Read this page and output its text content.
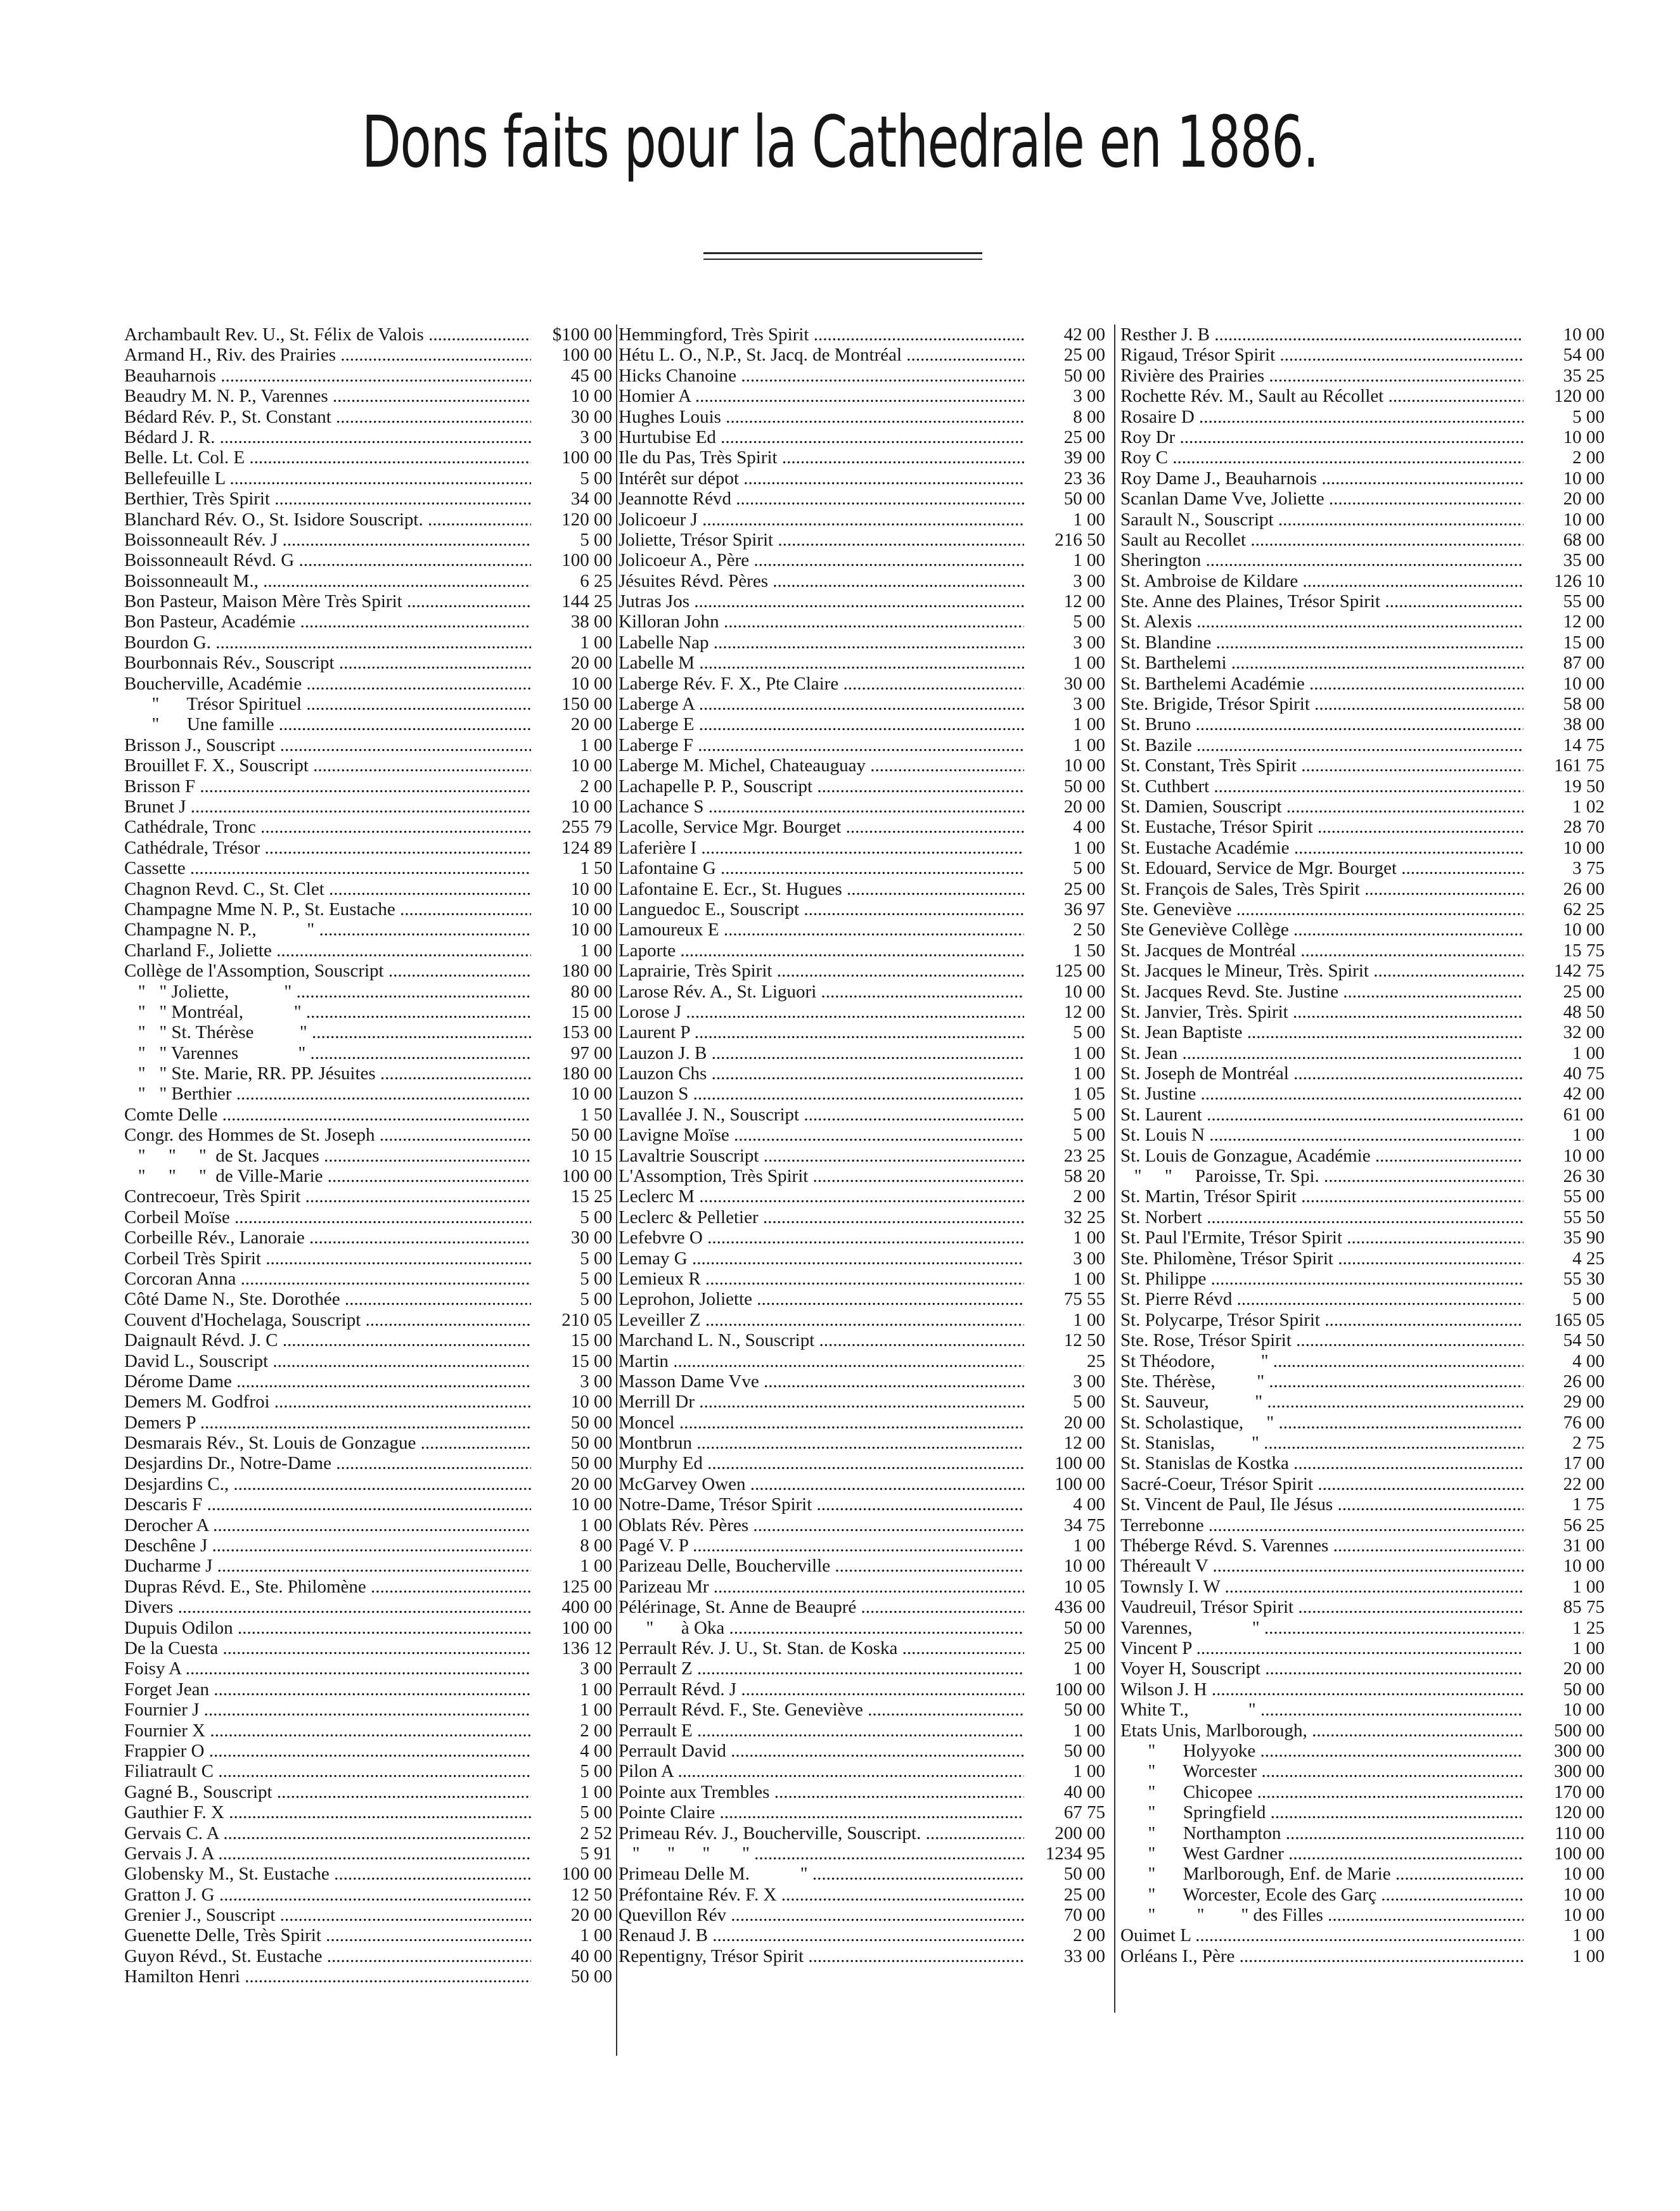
Dons faits pour la Cathedrale en 1886.
Archambault Rev. U., St. Félix de Valois .....	$100 00
Armand H., Riv. des Prairies .....	100 00
Beauharnois .....	45 00
Beaudry M. N. P., Varennes .....	10 00
Bédard Rév. P., St. Constant .....	30 00
Bédard J. R. .....	3 00
Belle. Lt. Col. E .....	100 00
Bellefeuille L .....	5 00
Berthier, Très Spirit .....	34 00
Blanchard Rév. O., St. Isidore Souscript. .....	120 00
Boissonneault Rév. J .....	5 00
Boissonneault Révd. G .....	100 00
Boissonneault M., .....	6 25
Bon Pasteur, Maison Mère Très Spirit .....	144 25
Bon Pasteur, Académie .....	38 00
Bourdon G. .....	1 00
Bourbonnais Rév., Souscript .....	20 00
Boucherville, Académie .....	10 00
"      Trésor Spirituel .....	150 00
"      Une famille .....	20 00
Brisson J., Souscript .....	1 00
Brouillet F. X., Souscript .....	10 00
Brisson F .....	2 00
Brunet J .....	10 00
Cathédrale, Tronc .....	255 79
Cathédrale, Trésor .....	124 89
Cassette .....	1 50
Chagnon Revd. C., St. Clet .....	10 00
Champagne Mme N. P., St. Eustache .....	10 00
Champagne N. P.,           " .....	10 00
Charland F., Joliette .....	1 00
Collège de l'Assomption, Souscript .....	180 00
"   " Joliette,            " .....	80 00
"   " Montréal,           " .....	15 00
"   " St. Thérèse          " .....	153 00
"   " Varennes             " .....	97 00
"   " Ste. Marie, RR. PP. Jésuites .....	180 00
"   " Berthier .....	10 00
Comte Delle .....	1 50
Congr. des Hommes de St. Joseph .....	50 00
"     "     "  de St. Jacques .....	10 15
"     "     "  de Ville-Marie .....	100 00
Contrecoeur, Très Spirit .....	15 25
Corbeil Moïse .....	5 00
Corbeille Rév., Lanoraie .....	30 00
Corbeil Très Spirit .....	5 00
Corcoran Anna .....	5 00
Côté Dame N., Ste. Dorothée .....	5 00
Couvent d'Hochelaga, Souscript .....	210 05
Daignault Révd. J. C .....	15 00
David L., Souscript .....	15 00
Dérome Dame .....	3 00
Demers M. Godfroi .....	10 00
Demers P .....	50 00
Desmarais Rév., St. Louis de Gonzague .....	50 00
Desjardins Dr., Notre-Dame .....	50 00
Desjardins C., .....	20 00
Descaris F .....	10 00
Derocher A .....	1 00
Deschêne J .....	8 00
Ducharme J .....	1 00
Dupras Révd. E., Ste. Philomène .....	125 00
Divers .....	400 00
Dupuis Odilon .....	100 00
De la Cuesta .....	136 12
Foisy A .....	3 00
Forget Jean .....	1 00
Fournier J .....	1 00
Fournier X .....	2 00
Frappier O .....	4 00
Filiatrault C .....	5 00
Gagné B., Souscript .....	1 00
Gauthier F. X .....	5 00
Gervais C. A .....	2 52
Gervais J. A .....	5 91
Globensky M., St. Eustache .....	100 00
Gratton J. G .....	12 50
Grenier J., Souscript .....	20 00
Guenette Delle, Très Spirit .....	1 00
Guyon Révd., St. Eustache .....	40 00
Hamilton Henri .....	50 00
Hemmingford, Très Spirit .....	42 00
Hétu L. O., N.P., St. Jacq. de Montréal .....	25 00
Hicks Chanoine .....	50 00
Homier A .....	3 00
Hughes Louis .....	8 00
Hurtubise Ed .....	25 00
Ile du Pas, Très Spirit .....	39 00
Intérêt sur dépot .....	23 36
Jeannotte Révd .....	50 00
Jolicoeur J .....	1 00
Joliette, Trésor Spirit .....	216 50
Jolicoeur A., Père .....	1 00
Jésuites Révd. Pères .....	3 00
Jutras Jos .....	12 00
Killoran John .....	5 00
Labelle Nap .....	3 00
Labelle M .....	1 00
Laberge Rév. F. X., Pte Claire .....	30 00
Laberge A .....	3 00
Laberge E .....	1 00
Laberge F .....	1 00
Laberge M. Michel, Chateauguay .....	10 00
Lachapelle P. P., Souscript .....	50 00
Lachance S .....	20 00
Lacolle, Service Mgr. Bourget .....	4 00
Laferière I .....	1 00
Lafontaine G .....	5 00
Lafontaine E. Ecr., St. Hugues .....	25 00
Languedoc E., Souscript .....	36 97
Lamoureux E .....	2 50
Laporte .....	1 50
Laprairie, Très Spirit .....	125 00
Larose Rév. A., St. Liguori .....	10 00
Lorose J .....	12 00
Laurent P .....	5 00
Lauzon J. B .....	1 00
Lauzon Chs .....	1 00
Lauzon S .....	1 05
Lavallée J. N., Souscript .....	5 00
Lavigne Moïse .....	5 00
Lavaltrie Souscript .....	23 25
L'Assomption, Très Spirit .....	58 20
Leclerc M .....	2 00
Leclerc & Pelletier .....	32 25
Lefebvre O .....	1 00
Lemay G .....	3 00
Lemieux R .....	1 00
Leprohon, Joliette .....	75 55
Leveiller Z .....	1 00
Marchand L. N., Souscript .....	12 50
Martin .....	25
Masson Dame Vve .....	3 00
Merrill Dr .....	5 00
Moncel .....	20 00
Montbrun .....	12 00
Murphy Ed .....	100 00
McGarvey Owen .....	100 00
Notre-Dame, Trésor Spirit .....	4 00
Oblats Rév. Pères .....	34 75
Pagé V. P .....	1 00
Parizeau Delle, Boucherville .....	10 00
Parizeau Mr .....	10 05
Pélérinage, St. Anne de Beaupré .....	436 00
"      à Oka .....	50 00
Perrault Rév. J. U., St. Stan. de Koska .....	25 00
Perrault Z .....	1 00
Perrault Révd. J .....	100 00
Perrault Révd. F., Ste. Geneviève .....	50 00
Perrault E .....	1 00
Perrault David .....	50 00
Pilon A .....	1 00
Pointe aux Trembles .....	40 00
Pointe Claire .....	67 75
Primeau Rév. J., Boucherville, Souscript. .....	200 00
"      "      "       " .....	1234 95
Primeau Delle M.           " .....	50 00
Préfontaine Rév. F. X .....	25 00
Quevillon Rév .....	70 00
Renaud J. B .....	2 00
Repentigny, Trésor Spirit .....	33 00
Resther J. B .....	10 00
Rigaud, Trésor Spirit .....	54 00
Rivière des Prairies .....	35 25
Rochette Rév. M., Sault au Récollet .....	120 00
Rosaire D .....	5 00
Roy Dr .....	10 00
Roy C .....	2 00
Roy Dame J., Beauharnois .....	10 00
Scanlan Dame Vve, Joliette .....	20 00
Sarault N., Souscript .....	10 00
Sault au Recollet .....	68 00
Sherington .....	35 00
St. Ambroise de Kildare .....	126 10
Ste. Anne des Plaines, Trésor Spirit .....	55 00
St. Alexis .....	12 00
St. Blandine .....	15 00
St. Barthelemi .....	87 00
St. Barthelemi Académie .....	10 00
Ste. Brigide, Trésor Spirit .....	58 00
St. Bruno .....	38 00
St. Bazile .....	14 75
St. Constant, Très Spirit .....	161 75
St. Cuthbert .....	19 50
St. Damien, Souscript .....	1 02
St. Eustache, Trésor Spirit .....	28 70
St. Eustache Académie .....	10 00
St. Edouard, Service de Mgr. Bourget .....	3 75
St. François de Sales, Très Spirit .....	26 00
Ste. Geneviève .....	62 25
Ste Geneviève Collège .....	10 00
St. Jacques de Montréal .....	15 75
St. Jacques le Mineur, Très. Spirit .....	142 75
St. Jacques Revd. Ste. Justine .....	25 00
St. Janvier, Très. Spirit .....	48 50
St. Jean Baptiste .....	32 00
St. Jean .....	1 00
St. Joseph de Montréal .....	40 75
St. Justine .....	42 00
St. Laurent .....	61 00
St. Louis N .....	1 00
St. Louis de Gonzague, Académie .....	10 00
"     "     Paroisse, Tr. Spi. .....	26 30
St. Martin, Trésor Spirit .....	55 00
St. Norbert .....	55 50
St. Paul l'Ermite, Trésor Spirit .....	35 90
Ste. Philomène, Trésor Spirit .....	4 25
St. Philippe .....	55 30
St. Pierre Révd .....	5 00
St. Polycarpe, Trésor Spirit .....	165 05
Ste. Rose, Trésor Spirit .....	54 50
St Théodore,          " .....	4 00
Ste. Thérèse,         " .....	26 00
St. Sauveur,          " .....	29 00
St. Scholastique,     " .....	76 00
St. Stanislas,        " .....	2 75
St. Stanislas de Kostka .....	17 00
Sacré-Coeur, Trésor Spirit .....	22 00
St. Vincent de Paul, Ile Jésus .....	1 75
Terrebonne .....	56 25
Théberge Révd. S. Varennes .....	31 00
Théreault V .....	10 00
Townsly I. W .....	1 00
Vaudreuil, Trésor Spirit .....	85 75
Varennes,             " .....	1 25
Vincent P .....	1 00
Voyer H, Souscript .....	20 00
Wilson J. H .....	50 00
White T.,             " .....	10 00
Etats Unis, Marlborough, .....	500 00
"      Holyyoke .....	300 00
"      Worcester .....	300 00
"      Chicopee .....	170 00
"      Springfield .....	120 00
"      Northampton .....	110 00
"      West Gardner .....	100 00
"      Marlborough, Enf. de Marie .....	10 00
"      Worcester, Ecole des Garç .....	10 00
"         "        " des Filles .....	10 00
Ouimet L .....	1 00
Orléans I., Père .....	1 00
